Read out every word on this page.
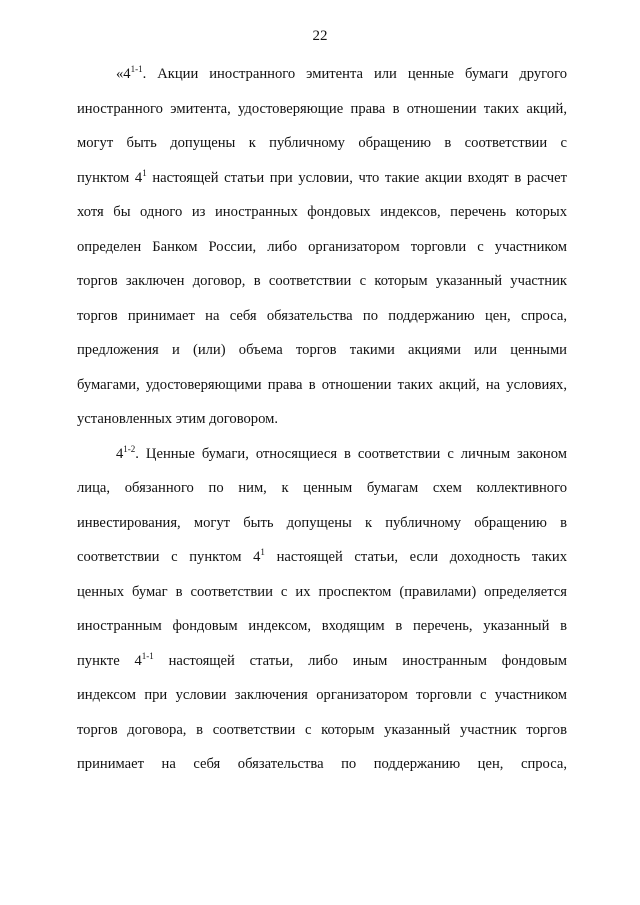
22
«4$^{1-1}$. Акции иностранного эмитента или ценные бумаги другого
иностранного эмитента, удостоверяющие права в отношении таких акций,
могут быть допущены к публичному обращению в соответствии с
пунктом $4^1$ настоящей статьи при условии, что такие акции входят в расчет
хотя бы одного из иностранных фондовых индексов, перечень которых
определен Банком России, либо организатором торговли с участником
торгов заключен договор, в соответствии с которым указанный участник
торгов принимает на себя обязательства по поддержанию цен, спроса,
предложения и (или) объема торгов такими акциями или ценными
бумагами, удостоверяющими права в отношении таких акций, на условиях,
установленных этим договором.
4$^{1-2}$. Ценные бумаги, относящиеся в соответствии с личным законом
лица, обязанного по ним, к ценным бумагам схем коллективного
инвестирования, могут быть допущены к публичному обращению в
соответствии с пунктом $4^1$ настоящей статьи, если доходность таких
ценных бумаг в соответствии с их проспектом (правилами) определяется
иностранным фондовым индексом, входящим в перечень, указанный в
пункте 4$^{1-1}$ настоящей статьи, либо иным иностранным фондовым
индексом при условии заключения организатором торговли с участником
торгов договора, в соответствии с которым указанный участник торгов
принимает на себя обязательства по поддержанию цен, спроса,
